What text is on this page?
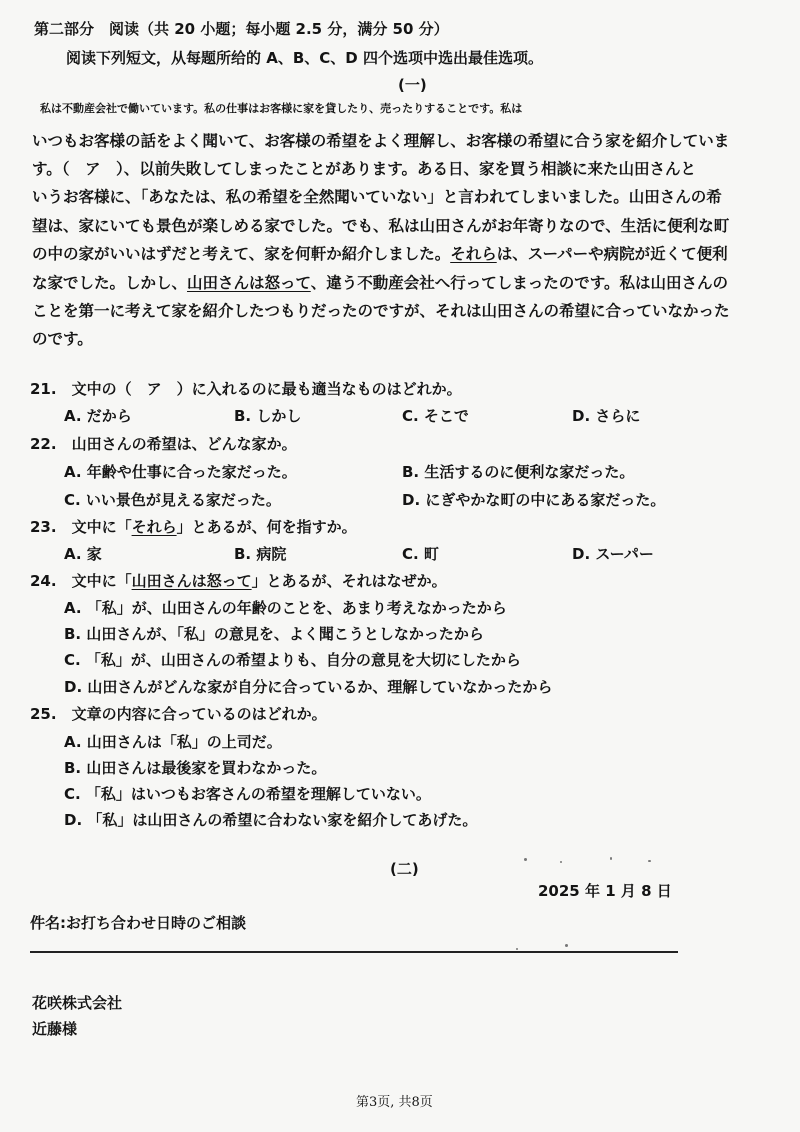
第二部分　阅读（共 20 小题；每小题 2.5 分，满分 50 分）
阅读下列短文，从每题所给的 A、B、C、D 四个选项中选出最佳选项。
(一)
私は不動産会社で働いています。私の仕事はお客様に家を貸したり、売ったりすることです。私は
いつもお客様の話をよく聞いて、お客様の希望をよく理解し、お客様の希望に合う家を紹介していま
す。（　ア　）、以前失敗してしまったことがあります。ある日、家を買う相談に来た山田さんと
いうお客様に、「あなたは、私の希望を全然聞いていない」と言われてしまいました。山田さんの希
望は、家にいても景色が楽しめる家でした。でも、私は山田さんがお年寄りなので、生活に便利な町
の中の家がいいはずだと考えて、家を何軒か紹介しました。それらは、スーパーや病院が近くて便利
な家でした。しかし、山田さんは怒って、違う不動産会社へ行ってしまったのです。私は山田さんの
ことを第一に考えて家を紹介したつもりだったのですが、それは山田さんの希望に合っていなかった
のです。
21.　文中の（　ア　）に入れるのに最も適当なものはどれか。
A. だから	B. しかし	C. そこで	D. さらに
22.　山田さんの希望は、どんな家か。
A. 年齢や仕事に合った家だった。	B. 生活するのに便利な家だった。
C. いい景色が見える家だった。	D. にぎやかな町の中にある家だった。
23.　文中に「それら」とあるが、何を指すか。
A. 家	B. 病院	C. 町	D. スーパー
24.　文中に「山田さんは怒って」とあるが、それはなぜか。
A. 「私」が、山田さんの年齢のことを、あまり考えなかったから
B. 山田さんが、「私」の意見を、よく聞こうとしなかったから
C. 「私」が、山田さんの希望よりも、自分の意見を大切にしたから
D. 山田さんがどんな家が自分に合っているか、理解していなかったから
25.　文章の内容に合っているのはどれか。
A. 山田さんは「私」の上司だ。
B. 山田さんは最後家を買わなかった。
C. 「私」はいつもお客さんの希望を理解していない。
D. 「私」は山田さんの希望に合わない家を紹介してあげた。
(二)
2025 年 1 月 8 日
件名:お打ち合わせ日時のご相談
花咲株式会社
近藤様
第3页, 共8页
